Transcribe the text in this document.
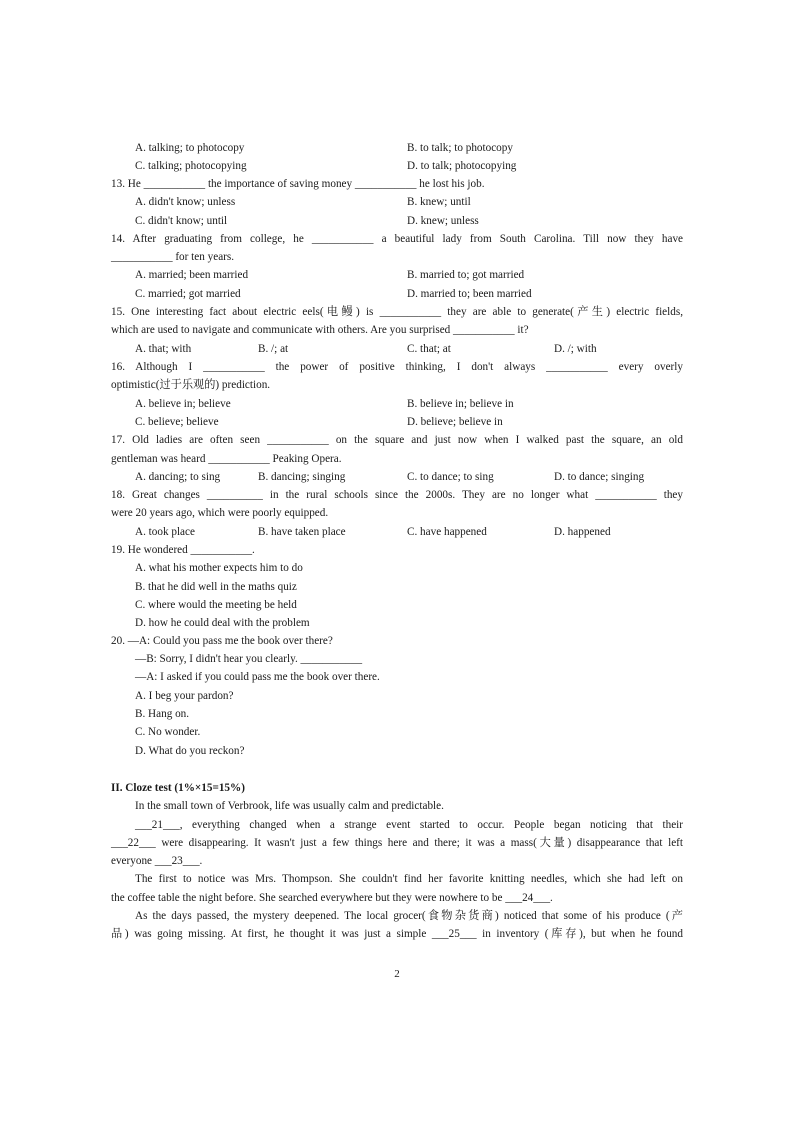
A. talking; to photocopy	B. to talk; to photocopy
C. talking; photocopying	D. to talk; photocopying
13. He ___________ the importance of saving money ___________ he lost his job.
A. didn't know; unless	B. knew; until
C. didn't know; until	D. knew; unless
14. After graduating from college, he ___________ a beautiful lady from South Carolina. Till now they have
___________ for ten years.
A. married; been married	B. married to; got married
C. married; got married	D. married to; been married
15. One interesting fact about electric eels(电鳗) is ___________ they are able to generate(产生) electric fields,
which are used to navigate and communicate with others. Are you surprised ___________ it?
A. that; with	B. /; at	C. that; at	D. /; with
16. Although I ___________ the power of positive thinking, I don't always ___________ every overly
optimistic(过于乐观的) prediction.
A. believe in; believe	B. believe in; believe in
C. believe; believe	D. believe; believe in
17. Old ladies are often seen ___________ on the square and just now when I walked past the square, an old
gentleman was heard ___________ Peaking Opera.
A. dancing; to sing	B. dancing; singing	C. to dance; to sing	D. to dance; singing
18. Great changes __________ in the rural schools since the 2000s. They are no longer what ___________ they
were 20 years ago, which were poorly equipped.
A. took place	B. have taken place	C. have happened	D. happened
19. He wondered ___________.
A. what his mother expects him to do
B. that he did well in the maths quiz
C. where would the meeting be held
D. how he could deal with the problem
20. —A: Could you pass me the book over there?
—B: Sorry, I didn't hear you clearly. ___________
—A: I asked if you could pass me the book over there.
A. I beg your pardon?
B. Hang on.
C. No wonder.
D. What do you reckon?
II. Cloze test (1%×15=15%)
In the small town of Verbrook, life was usually calm and predictable.
___21___, everything changed when a strange event started to occur. People began noticing that their
___22___ were disappearing. It wasn't just a few things here and there; it was a mass(大量) disappearance that left
everyone ___23___.
The first to notice was Mrs. Thompson. She couldn't find her favorite knitting needles, which she had left on
the coffee table the night before. She searched everywhere but they were nowhere to be ___24___.
As the days passed, the mystery deepened. The local grocer(食物杂货商) noticed that some of his produce (产
品) was going missing. At first, he thought it was just a simple ___25___ in inventory (库存), but when he found
2
